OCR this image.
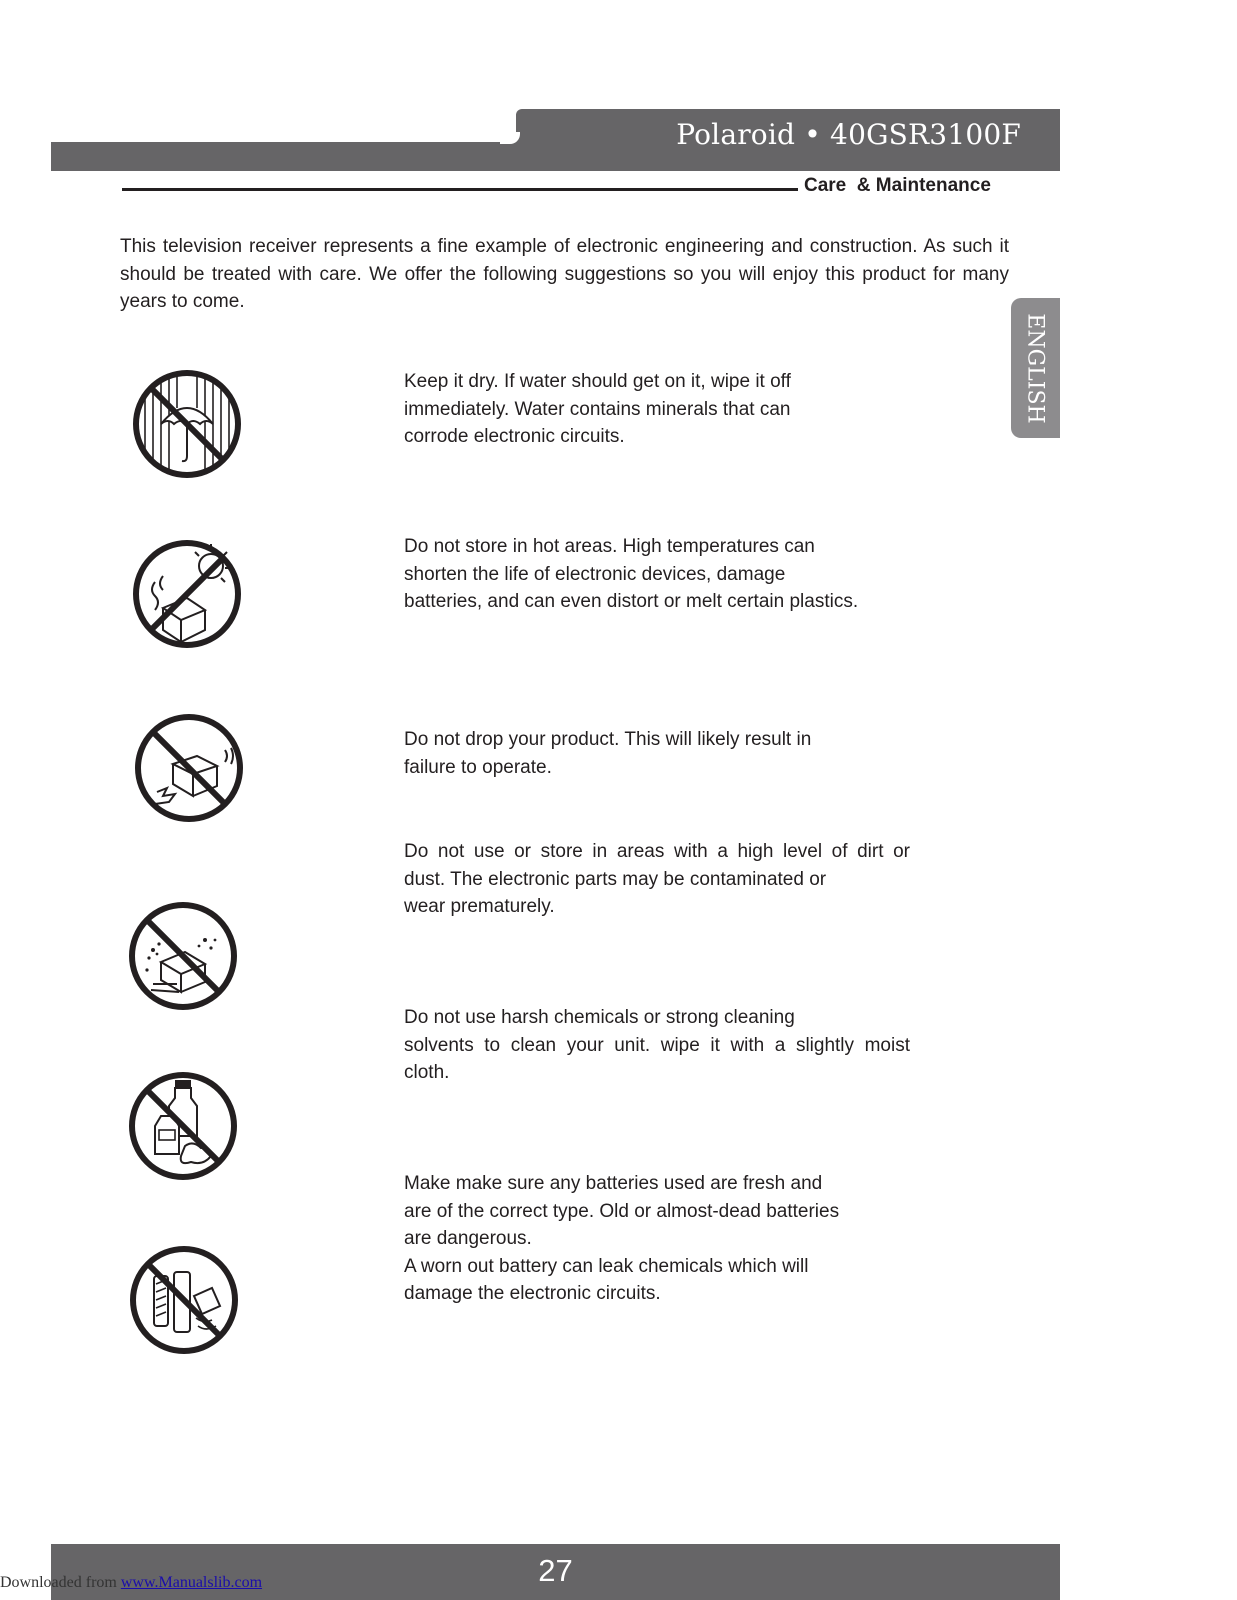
Polaroid • 40GSR3100F
Care  & Maintenance
ENGLISH
This television receiver represents a fine example of electronic engineering and construction. As such it should be treated with care. We offer the following suggestions so you will enjoy this product for many years to come.
Keep it dry. If water should get on it, wipe it off
immediately. Water contains minerals that can
corrode electronic circuits.
Do not store in hot areas. High temperatures can
shorten the life of electronic devices, damage
batteries, and can even distort or melt certain plastics.
Do not drop your product. This will likely result in
failure to operate.
Do not use or store in areas with a high level of dirt or
dust. The electronic parts may be contaminated or
wear prematurely.
Do not use harsh chemicals or strong cleaning
solvents to clean your unit. wipe it with a slightly moist
cloth.
Make make sure any batteries used are fresh and
are of the correct type. Old or almost-dead batteries
are dangerous.
A worn out battery can leak chemicals which will
damage the electronic circuits.
27
Downloaded from www.Manualslib.com
